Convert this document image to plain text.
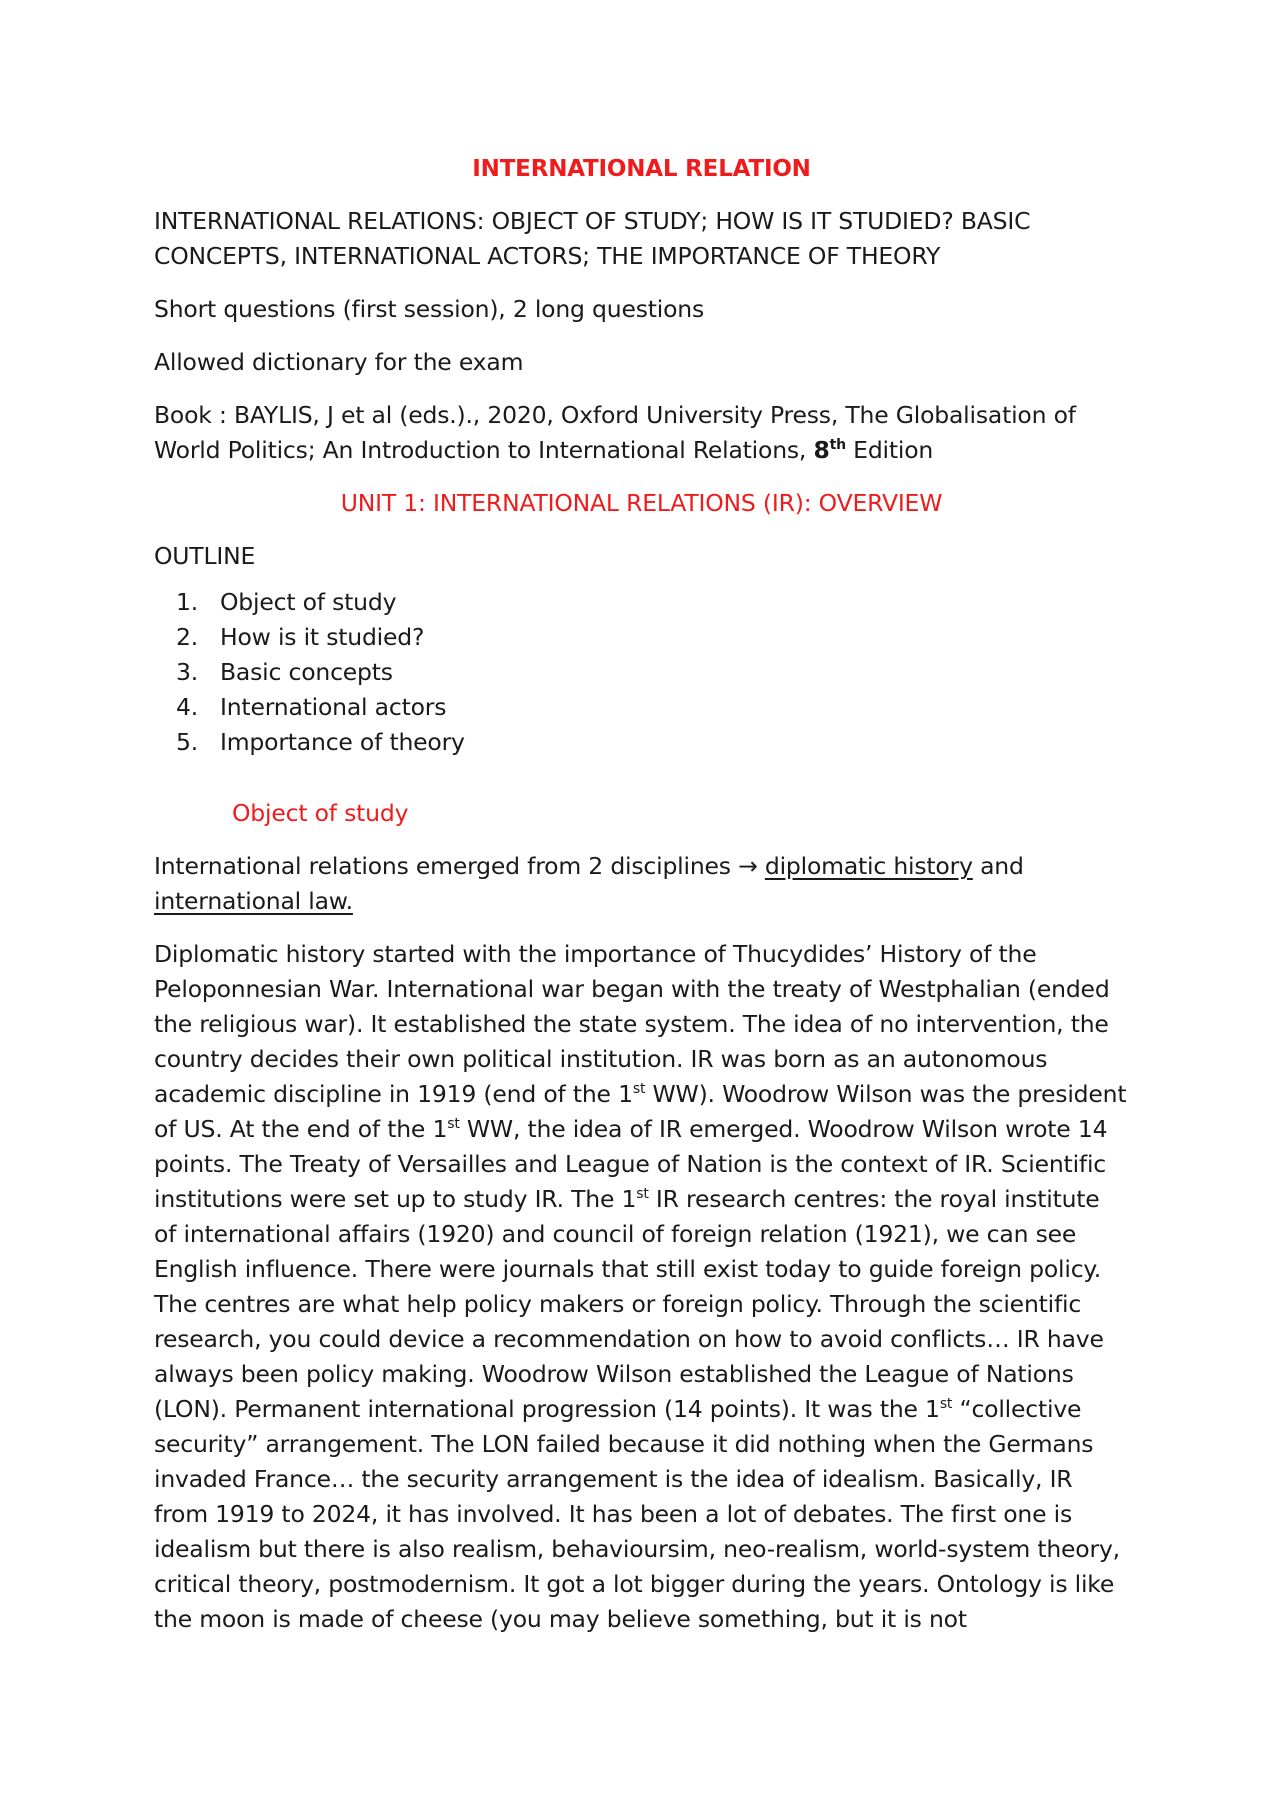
INTERNATIONAL RELATION

INTERNATIONAL RELATIONS: OBJECT OF STUDY; HOW IS IT STUDIED? BASIC CONCEPTS, INTERNATIONAL ACTORS; THE IMPORTANCE OF THEORY

Short questions (first session), 2 long questions

Allowed dictionary for the exam

Book : BAYLIS, J et al (eds.)., 2020, Oxford University Press, The Globalisation of World Politics; An Introduction to International Relations, 8th Edition

UNIT 1: INTERNATIONAL RELATIONS (IR): OVERVIEW

OUTLINE

1. Object of study
2. How is it studied?
3. Basic concepts
4. International actors
5. Importance of theory

Object of study

International relations emerged from 2 disciplines → diplomatic history and international law.

Diplomatic history started with the importance of Thucydides’ History of the Peloponnesian War. International war began with the treaty of Westphalian (ended the religious war). It established the state system. The idea of no intervention, the country decides their own political institution. IR was born as an autonomous academic discipline in 1919 (end of the 1st WW). Woodrow Wilson was the president of US. At the end of the 1st WW, the idea of IR emerged. Woodrow Wilson wrote 14 points. The Treaty of Versailles and League of Nation is the context of IR. Scientific institutions were set up to study IR. The 1st IR research centres: the royal institute of international affairs (1920) and council of foreign relation (1921), we can see English influence. There were journals that still exist today to guide foreign policy. The centres are what help policy makers or foreign policy. Through the scientific research, you could device a recommendation on how to avoid conflicts… IR have always been policy making. Woodrow Wilson established the League of Nations (LON). Permanent international progression (14 points). It was the 1st “collective security” arrangement. The LON failed because it did nothing when the Germans invaded France… the security arrangement is the idea of idealism. Basically, IR from 1919 to 2024, it has involved. It has been a lot of debates. The first one is idealism but there is also realism, behavioursim, neo-realism, world-system theory, critical theory, postmodernism. It got a lot bigger during the years. Ontology is like the moon is made of cheese (you may believe something, but it is not
